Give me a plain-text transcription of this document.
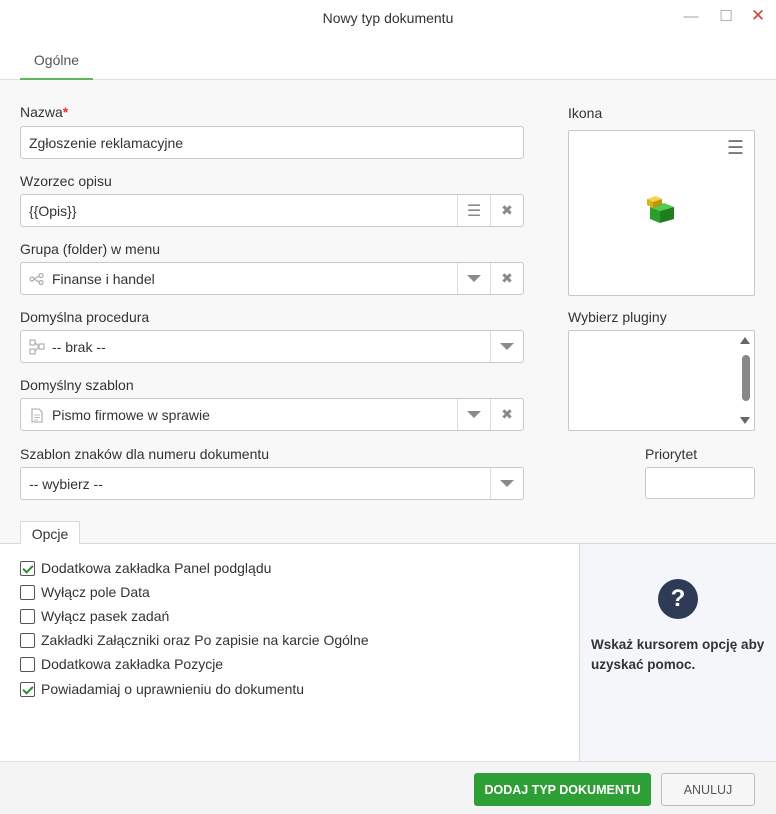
Nowy typ dokumentu	—	☐	✕
Ogólne
Nazwa*
Zgłoszenie reklamacyjne
Wzorzec opisu
{{Opis}}	☰ ✖
Grupa (folder) w menu
Finanse i handel	✖
Domyślna procedura
-- brak --
Domyślny szablon
Pismo firmowe w sprawie	✖
Szablon znaków dla numeru dokumentu
-- wybierz --
Ikona
☰
Wybierz pluginy
Priorytet
Opcje
Dodatkowa zakładka Panel podglądu
Wyłącz pole Data
Wyłącz pasek zadań
Zakładki Załączniki oraz Po zapisie na karcie Ogólne
Dodatkowa zakładka Pozycje
Powiadamiaj o uprawnieniu do dokumentu
?
Wskaż kursorem opcję aby uzyskać pomoc.
DODAJ TYP DOKUMENTU	ANULUJ
